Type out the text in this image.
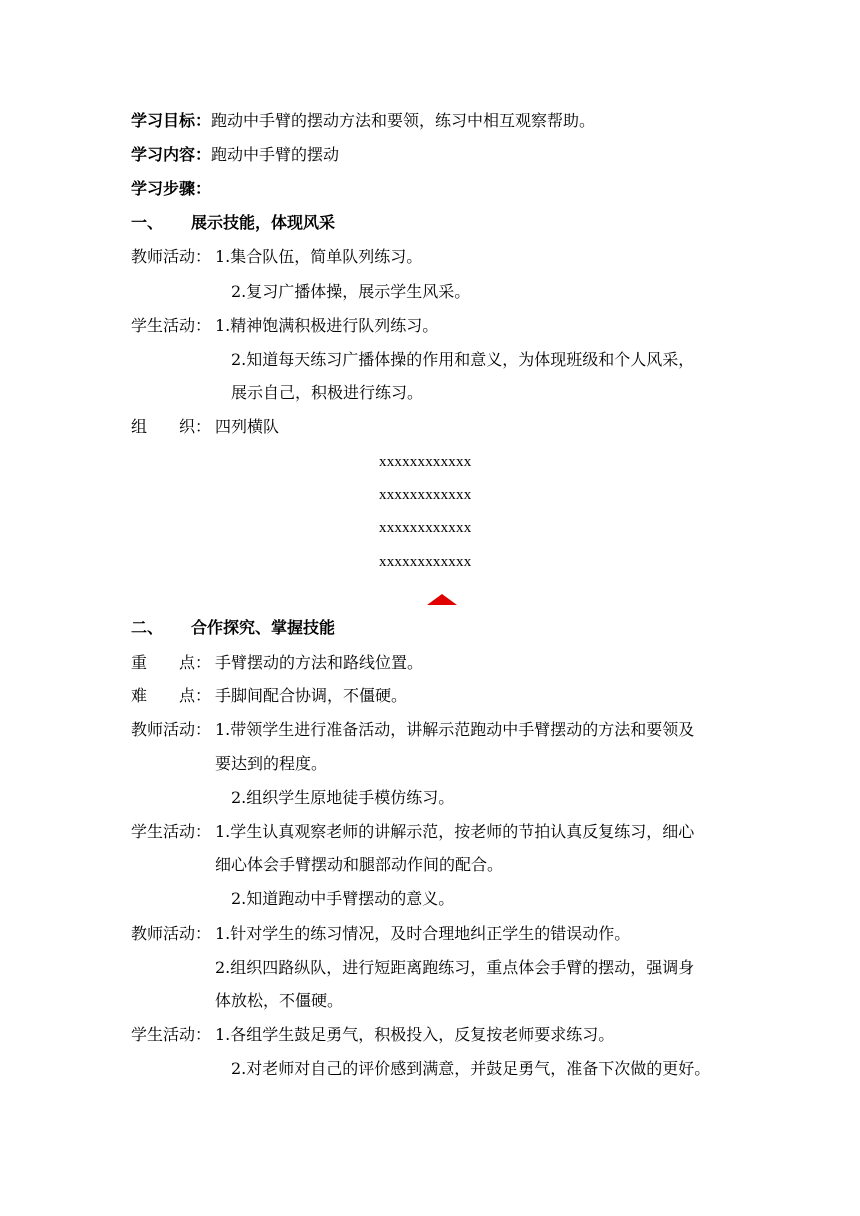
学习目标：跑动中手臂的摆动方法和要领，练习中相互观察帮助。
学习内容：跑动中手臂的摆动
学习步骤：
一、 展示技能，体现风采
教师活动： 1.集合队伍，简单队列练习。
2.复习广播体操，展示学生风采。
学生活动： 1.精神饱满积极进行队列练习。
2.知道每天练习广播体操的作用和意义，为体现班级和个人风采，
展示自己，积极进行练习。
组　　织： 四列横队
xxxxxxxxxxxx
xxxxxxxxxxxx
xxxxxxxxxxxx
xxxxxxxxxxxx
二、 合作探究、掌握技能
重　　点： 手臂摆动的方法和路线位置。
难　　点： 手脚间配合协调，不僵硬。
教师活动： 1.带领学生进行准备活动，讲解示范跑动中手臂摆动的方法和要领及
要达到的程度。
2.组织学生原地徒手模仿练习。
学生活动： 1.学生认真观察老师的讲解示范，按老师的节拍认真反复练习，细心
细心体会手臂摆动和腿部动作间的配合。
2.知道跑动中手臂摆动的意义。
教师活动： 1.针对学生的练习情况，及时合理地纠正学生的错误动作。
2.组织四路纵队，进行短距离跑练习，重点体会手臂的摆动，强调身
体放松，不僵硬。
学生活动： 1.各组学生鼓足勇气，积极投入，反复按老师要求练习。
2.对老师对自己的评价感到满意，并鼓足勇气，准备下次做的更好。
